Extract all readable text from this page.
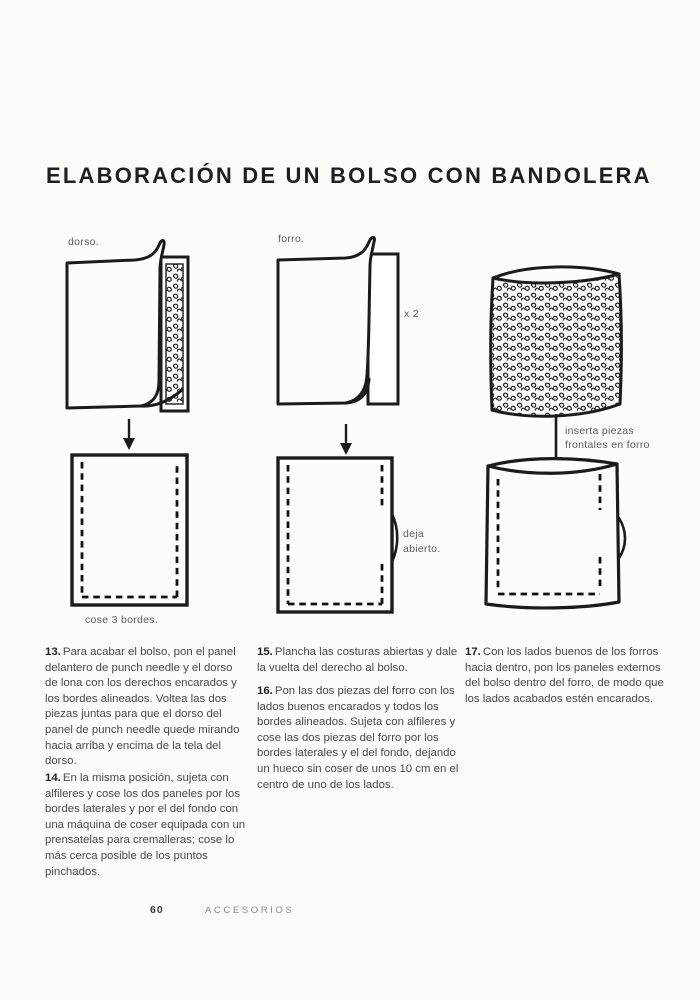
ELABORACIÓN DE UN BOLSO CON BANDOLERA
dorso.	forro.
x 2
inserta piezas frontales en forro
cose 3 bordes.
deja abierto.

13. Para acabar el bolso, pon el panel delantero de punch needle y el dorso de lona con los derechos encarados y los bordes alineados. Voltea las dos piezas juntas para que el dorso del panel de punch needle quede mirando hacia arriba y encima de la tela del dorso.

14. En la misma posición, sujeta con alfileres y cose los dos paneles por los bordes laterales y por el del fondo con una máquina de coser equipada con un prensatelas para cremalleras; cose lo más cerca posible de los puntos pinchados.

15. Plancha las costuras abiertas y dale la vuelta del derecho al bolso.

16. Pon las dos piezas del forro con los lados buenos encarados y todos los bordes alineados. Sujeta con alfileres y cose las dos piezas del forro por los bordes laterales y el del fondo, dejando un hueco sin coser de unos 10 cm en el centro de uno de los lados.

17. Con los lados buenos de los forros hacia dentro, pon los paneles externos del bolso dentro del forro, de modo que los lados acabados estén encarados.

60	ACCESORIOS
